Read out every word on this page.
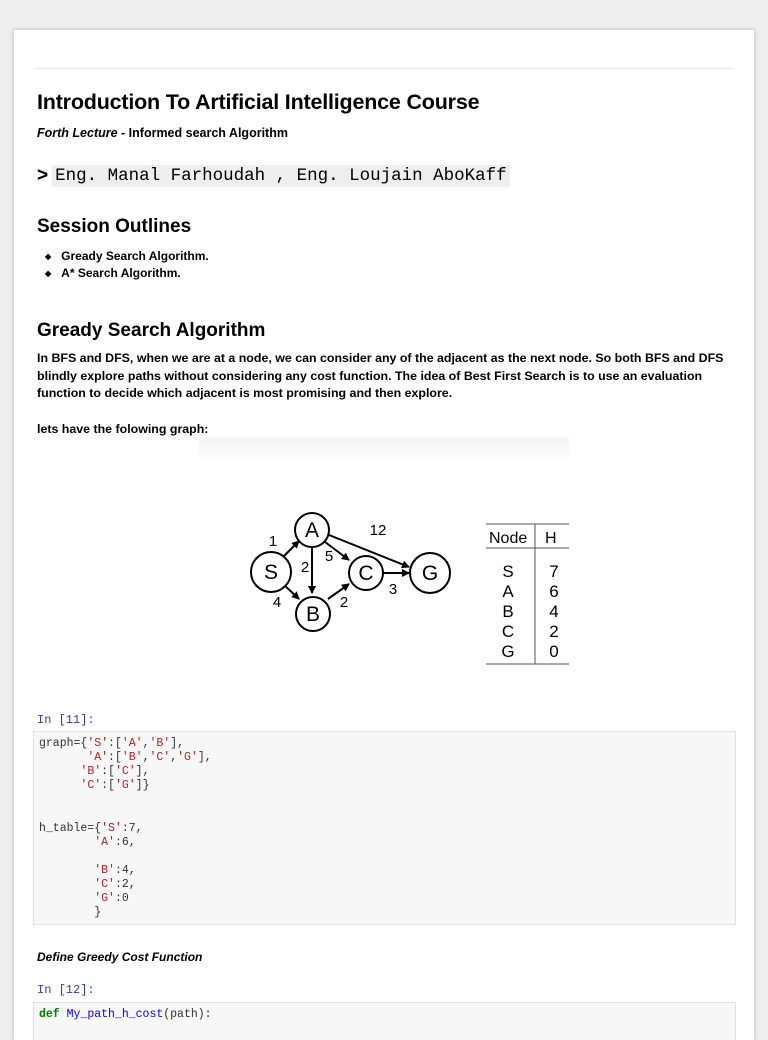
Introduction To Artificial Intelligence Course
Forth Lecture - Informed search Algorithm
> Eng. Manal Farhoudah , Eng. Loujain AboKaff
Session Outlines
◆ Gready Search Algorithm.
◆ A* Search Algorithm.
Gready Search Algorithm
In BFS and DFS, when we are at a node, we can consider any of the adjacent as the next node. So both BFS and DFS blindly explore paths without considering any cost function. The idea of Best First Search is to use an evaluation function to decide which adjacent is most promising and then explore.
lets have the folowing graph:
S
A
B
C G
1
4
2
5
12
2
3
Node H
S 7
A 6
B 4
C 2
G 0
In [11]:
graph={'S':['A','B'],
'A':['B','C','G'],
'B':['C'],
'C':['G']}

h_table={'S':7,
'A':6,

'B':4,
'C':2,
'G':0
}
Define Greedy Cost Function
In [12]:
def My_path_h_cost(path):
